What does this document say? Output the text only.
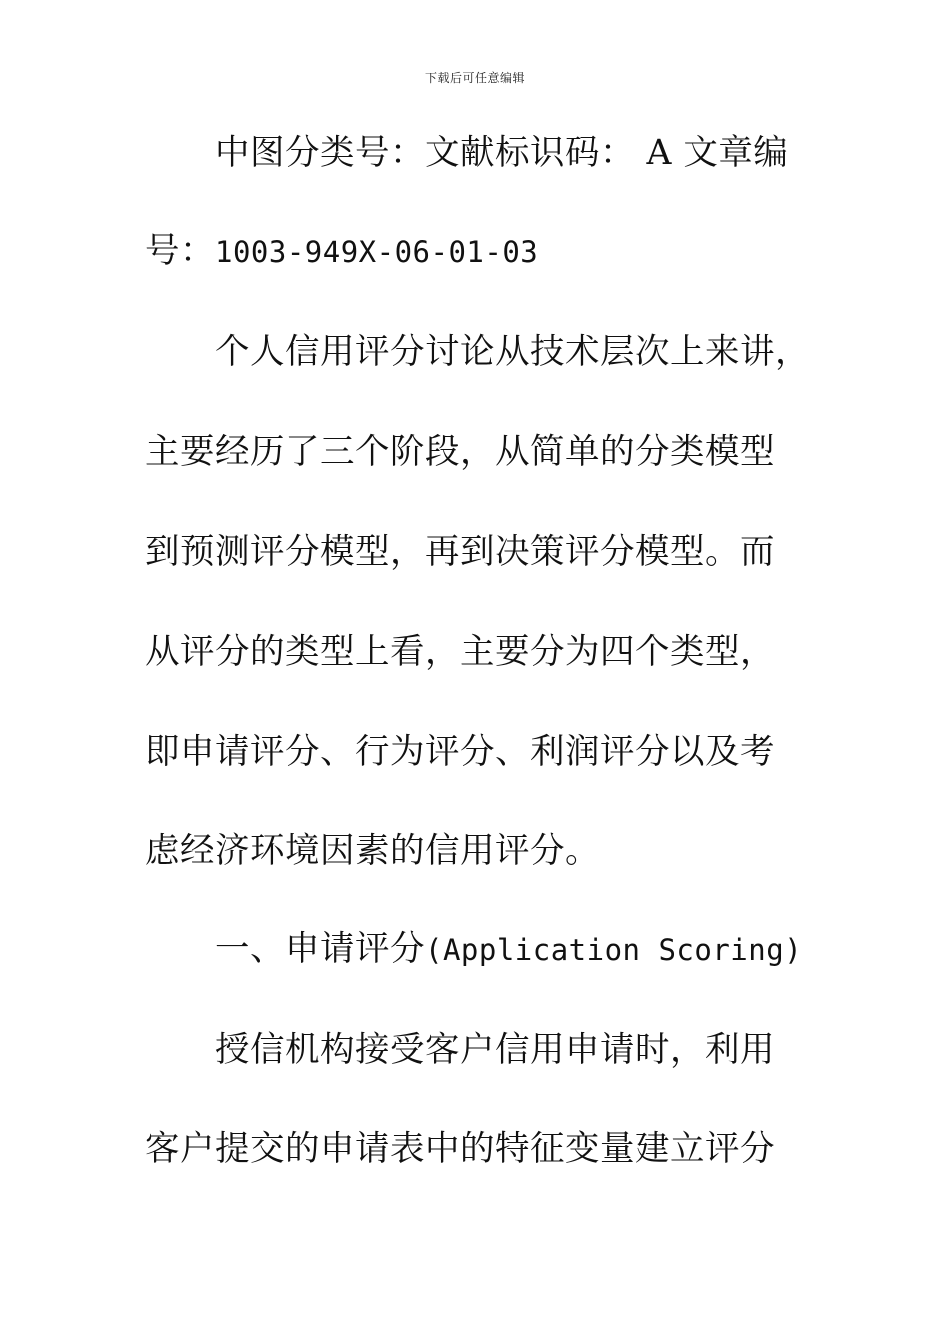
下载后可任意编辑
中图分类号：文献标识码： A 文章编
号：1003-949X-06-01-03
个人信用评分讨论从技术层次上来讲，
主要经历了三个阶段，从简单的分类模型
到预测评分模型，再到决策评分模型。而
从评分的类型上看，主要分为四个类型，
即申请评分、行为评分、利润评分以及考
虑经济环境因素的信用评分。
一、申请评分(Application Scoring)
授信机构接受客户信用申请时，利用
客户提交的申请表中的特征变量建立评分
